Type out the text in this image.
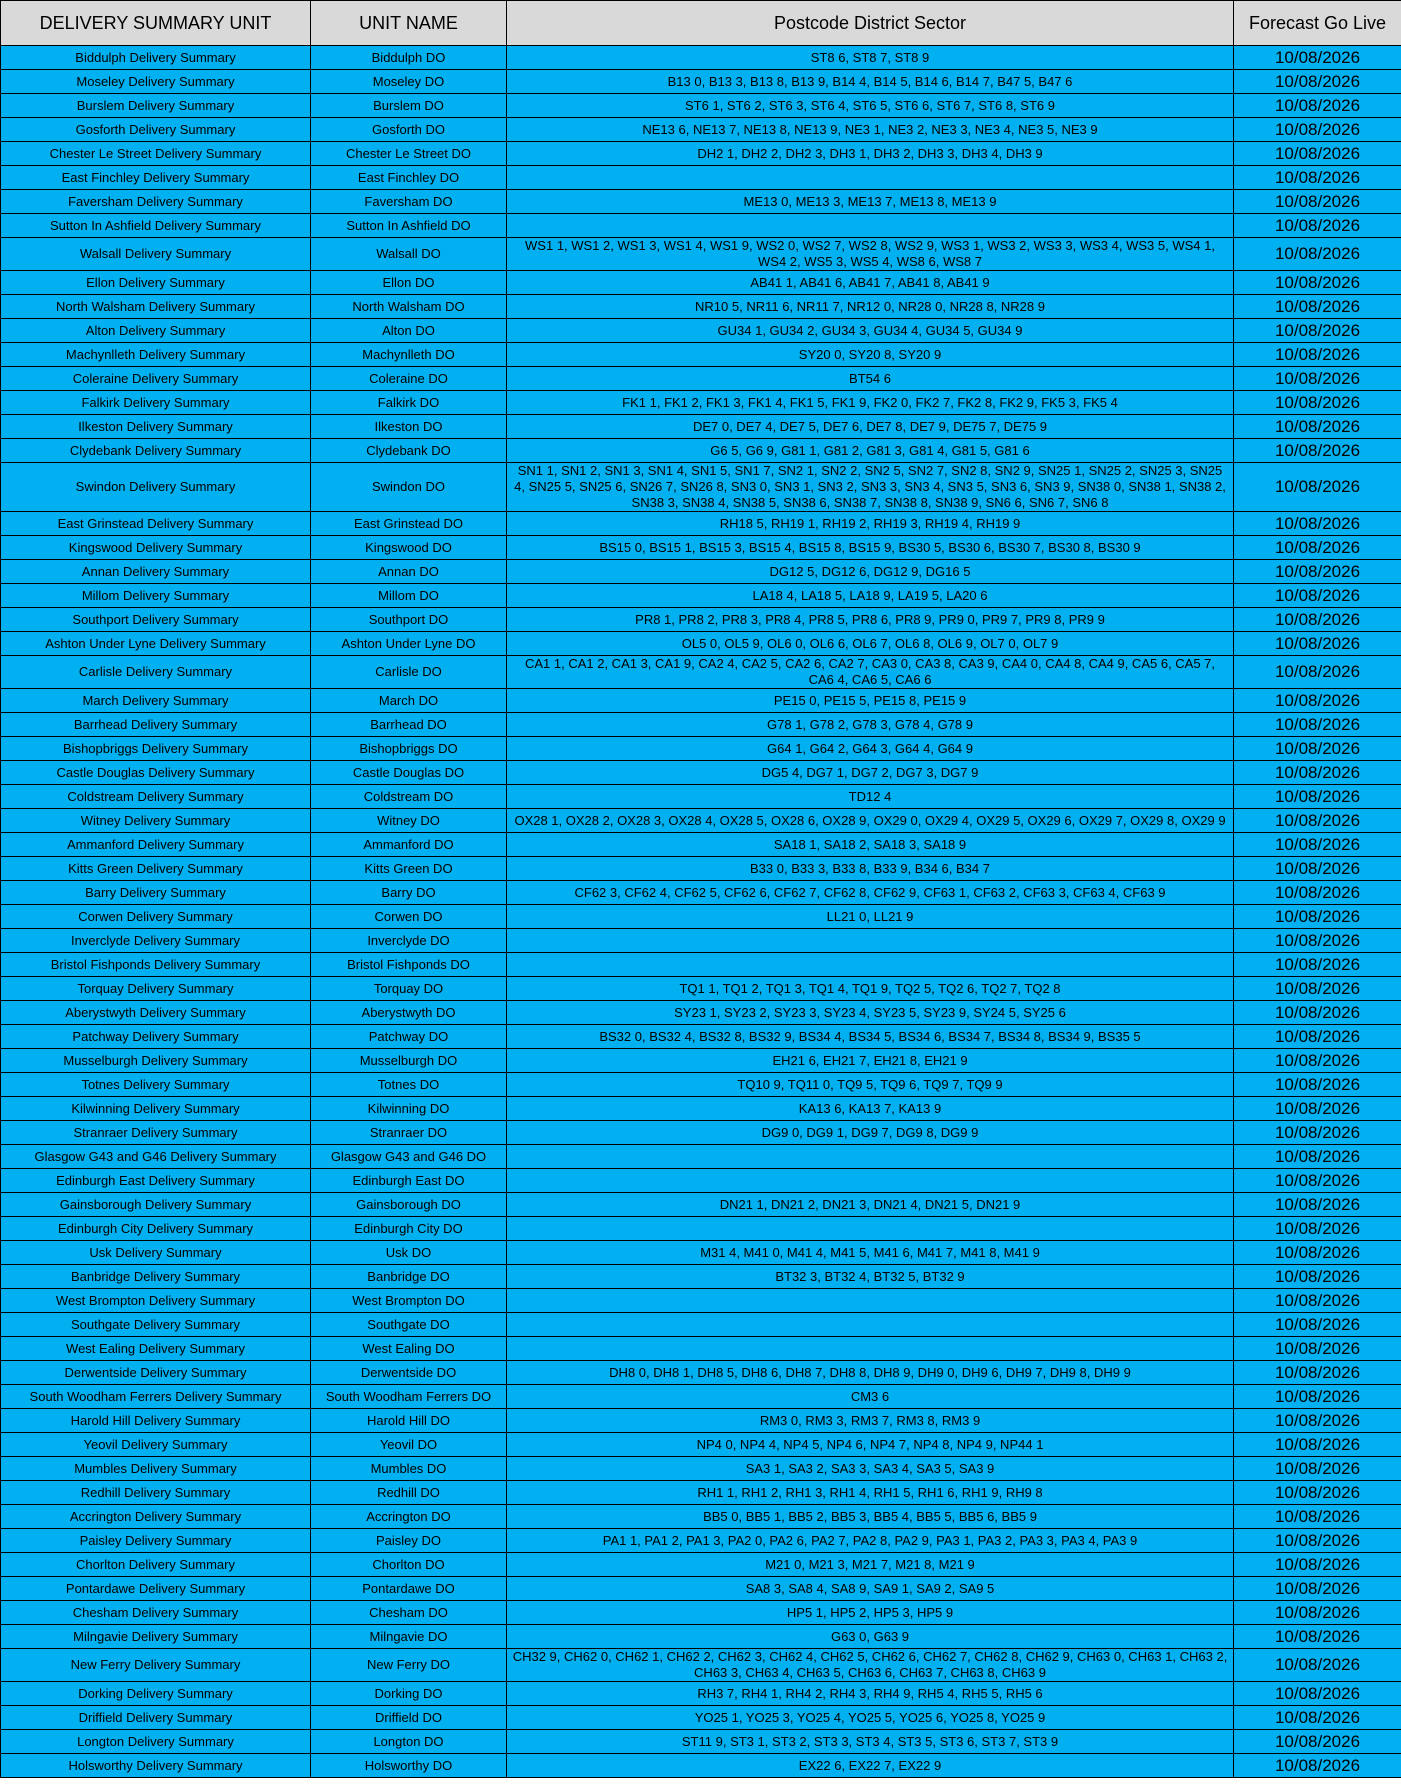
DELIVERY SUMMARY UNIT	UNIT NAME	Postcode District Sector	Forecast Go Live
Biddulph Delivery Summary	Biddulph DO	ST8 6, ST8 7, ST8 9	10/08/2026
Moseley Delivery Summary	Moseley DO	B13 0, B13 3, B13 8, B13 9, B14 4, B14 5, B14 6, B14 7, B47 5, B47 6	10/08/2026
Burslem Delivery Summary	Burslem DO	ST6 1, ST6 2, ST6 3, ST6 4, ST6 5, ST6 6, ST6 7, ST6 8, ST6 9	10/08/2026
Gosforth Delivery Summary	Gosforth DO	NE13 6, NE13 7, NE13 8, NE13 9, NE3 1, NE3 2, NE3 3, NE3 4, NE3 5, NE3 9	10/08/2026
Chester Le Street Delivery Summary	Chester Le Street DO	DH2 1, DH2 2, DH2 3, DH3 1, DH3 2, DH3 3, DH3 4, DH3 9	10/08/2026
East Finchley Delivery Summary	East Finchley DO		10/08/2026
Faversham Delivery Summary	Faversham DO	ME13 0, ME13 3, ME13 7, ME13 8, ME13 9	10/08/2026
Sutton In Ashfield Delivery Summary	Sutton In Ashfield DO		10/08/2026
Walsall Delivery Summary	Walsall DO	WS1 1, WS1 2, WS1 3, WS1 4, WS1 9, WS2 0, WS2 7, WS2 8, WS2 9, WS3 1, WS3 2, WS3 3, WS3 4, WS3 5, WS4 1, WS4 2, WS5 3, WS5 4, WS8 6, WS8 7	10/08/2026
Ellon Delivery Summary	Ellon DO	AB41 1, AB41 6, AB41 7, AB41 8, AB41 9	10/08/2026
North Walsham Delivery Summary	North Walsham DO	NR10 5, NR11 6, NR11 7, NR12 0, NR28 0, NR28 8, NR28 9	10/08/2026
Alton Delivery Summary	Alton DO	GU34 1, GU34 2, GU34 3, GU34 4, GU34 5, GU34 9	10/08/2026
Machynlleth Delivery Summary	Machynlleth DO	SY20 0, SY20 8, SY20 9	10/08/2026
Coleraine Delivery Summary	Coleraine DO	BT54 6	10/08/2026
Falkirk Delivery Summary	Falkirk DO	FK1 1, FK1 2, FK1 3, FK1 4, FK1 5, FK1 9, FK2 0, FK2 7, FK2 8, FK2 9, FK5 3, FK5 4	10/08/2026
Ilkeston Delivery Summary	Ilkeston DO	DE7 0, DE7 4, DE7 5, DE7 6, DE7 8, DE7 9, DE75 7, DE75 9	10/08/2026
Clydebank Delivery Summary	Clydebank DO	G6 5, G6 9, G81 1, G81 2, G81 3, G81 4, G81 5, G81 6	10/08/2026
Swindon Delivery Summary	Swindon DO	SN1 1, SN1 2, SN1 3, SN1 4, SN1 5, SN1 7, SN2 1, SN2 2, SN2 5, SN2 7, SN2 8, SN2 9, SN25 1, SN25 2, SN25 3, SN25 4, SN25 5, SN25 6, SN26 7, SN26 8, SN3 0, SN3 1, SN3 2, SN3 3, SN3 4, SN3 5, SN3 6, SN3 9, SN38 0, SN38 1, SN38 2, SN38 3, SN38 4, SN38 5, SN38 6, SN38 7, SN38 8, SN38 9, SN6 6, SN6 7, SN6 8	10/08/2026
East Grinstead Delivery Summary	East Grinstead DO	RH18 5, RH19 1, RH19 2, RH19 3, RH19 4, RH19 9	10/08/2026
Kingswood Delivery Summary	Kingswood DO	BS15 0, BS15 1, BS15 3, BS15 4, BS15 8, BS15 9, BS30 5, BS30 6, BS30 7, BS30 8, BS30 9	10/08/2026
Annan Delivery Summary	Annan DO	DG12 5, DG12 6, DG12 9, DG16 5	10/08/2026
Millom Delivery Summary	Millom DO	LA18 4, LA18 5, LA18 9, LA19 5, LA20 6	10/08/2026
Southport Delivery Summary	Southport DO	PR8 1, PR8 2, PR8 3, PR8 4, PR8 5, PR8 6, PR8 9, PR9 0, PR9 7, PR9 8, PR9 9	10/08/2026
Ashton Under Lyne Delivery Summary	Ashton Under Lyne DO	OL5 0, OL5 9, OL6 0, OL6 6, OL6 7, OL6 8, OL6 9, OL7 0, OL7 9	10/08/2026
Carlisle Delivery Summary	Carlisle DO	CA1 1, CA1 2, CA1 3, CA1 9, CA2 4, CA2 5, CA2 6, CA2 7, CA3 0, CA3 8, CA3 9, CA4 0, CA4 8, CA4 9, CA5 6, CA5 7, CA6 4, CA6 5, CA6 6	10/08/2026
March Delivery Summary	March DO	PE15 0, PE15 5, PE15 8, PE15 9	10/08/2026
Barrhead Delivery Summary	Barrhead DO	G78 1, G78 2, G78 3, G78 4, G78 9	10/08/2026
Bishopbriggs Delivery Summary	Bishopbriggs DO	G64 1, G64 2, G64 3, G64 4, G64 9	10/08/2026
Castle Douglas Delivery Summary	Castle Douglas DO	DG5 4, DG7 1, DG7 2, DG7 3, DG7 9	10/08/2026
Coldstream Delivery Summary	Coldstream DO	TD12 4	10/08/2026
Witney Delivery Summary	Witney DO	OX28 1, OX28 2, OX28 3, OX28 4, OX28 5, OX28 6, OX28 9, OX29 0, OX29 4, OX29 5, OX29 6, OX29 7, OX29 8, OX29 9	10/08/2026
Ammanford Delivery Summary	Ammanford DO	SA18 1, SA18 2, SA18 3, SA18 9	10/08/2026
Kitts Green Delivery Summary	Kitts Green DO	B33 0, B33 3, B33 8, B33 9, B34 6, B34 7	10/08/2026
Barry Delivery Summary	Barry DO	CF62 3, CF62 4, CF62 5, CF62 6, CF62 7, CF62 8, CF62 9, CF63 1, CF63 2, CF63 3, CF63 4, CF63 9	10/08/2026
Corwen Delivery Summary	Corwen DO	LL21 0, LL21 9	10/08/2026
Inverclyde Delivery Summary	Inverclyde DO		10/08/2026
Bristol Fishponds Delivery Summary	Bristol Fishponds DO		10/08/2026
Torquay Delivery Summary	Torquay DO	TQ1 1, TQ1 2, TQ1 3, TQ1 4, TQ1 9, TQ2 5, TQ2 6, TQ2 7, TQ2 8	10/08/2026
Aberystwyth Delivery Summary	Aberystwyth DO	SY23 1, SY23 2, SY23 3, SY23 4, SY23 5, SY23 9, SY24 5, SY25 6	10/08/2026
Patchway Delivery Summary	Patchway DO	BS32 0, BS32 4, BS32 8, BS32 9, BS34 4, BS34 5, BS34 6, BS34 7, BS34 8, BS34 9, BS35 5	10/08/2026
Musselburgh Delivery Summary	Musselburgh DO	EH21 6, EH21 7, EH21 8, EH21 9	10/08/2026
Totnes Delivery Summary	Totnes DO	TQ10 9, TQ11 0, TQ9 5, TQ9 6, TQ9 7, TQ9 9	10/08/2026
Kilwinning Delivery Summary	Kilwinning DO	KA13 6, KA13 7, KA13 9	10/08/2026
Stranraer Delivery Summary	Stranraer DO	DG9 0, DG9 1, DG9 7, DG9 8, DG9 9	10/08/2026
Glasgow G43 and G46 Delivery Summary	Glasgow G43 and G46 DO		10/08/2026
Edinburgh East Delivery Summary	Edinburgh East DO		10/08/2026
Gainsborough Delivery Summary	Gainsborough DO	DN21 1, DN21 2, DN21 3, DN21 4, DN21 5, DN21 9	10/08/2026
Edinburgh City Delivery Summary	Edinburgh City DO		10/08/2026
Usk Delivery Summary	Usk DO	M31 4, M41 0, M41 4, M41 5, M41 6, M41 7, M41 8, M41 9	10/08/2026
Banbridge Delivery Summary	Banbridge DO	BT32 3, BT32 4, BT32 5, BT32 9	10/08/2026
West Brompton Delivery Summary	West Brompton DO		10/08/2026
Southgate Delivery Summary	Southgate DO		10/08/2026
West Ealing Delivery Summary	West Ealing DO		10/08/2026
Derwentside Delivery Summary	Derwentside DO	DH8 0, DH8 1, DH8 5, DH8 6, DH8 7, DH8 8, DH8 9, DH9 0, DH9 6, DH9 7, DH9 8, DH9 9	10/08/2026
South Woodham Ferrers Delivery Summary	South Woodham Ferrers DO	CM3 6	10/08/2026
Harold Hill Delivery Summary	Harold Hill DO	RM3 0, RM3 3, RM3 7, RM3 8, RM3 9	10/08/2026
Yeovil Delivery Summary	Yeovil DO	NP4 0, NP4 4, NP4 5, NP4 6, NP4 7, NP4 8, NP4 9, NP44 1	10/08/2026
Mumbles Delivery Summary	Mumbles DO	SA3 1, SA3 2, SA3 3, SA3 4, SA3 5, SA3 9	10/08/2026
Redhill Delivery Summary	Redhill DO	RH1 1, RH1 2, RH1 3, RH1 4, RH1 5, RH1 6, RH1 9, RH9 8	10/08/2026
Accrington Delivery Summary	Accrington DO	BB5 0, BB5 1, BB5 2, BB5 3, BB5 4, BB5 5, BB5 6, BB5 9	10/08/2026
Paisley Delivery Summary	Paisley DO	PA1 1, PA1 2, PA1 3, PA2 0, PA2 6, PA2 7, PA2 8, PA2 9, PA3 1, PA3 2, PA3 3, PA3 4, PA3 9	10/08/2026
Chorlton Delivery Summary	Chorlton DO	M21 0, M21 3, M21 7, M21 8, M21 9	10/08/2026
Pontardawe Delivery Summary	Pontardawe DO	SA8 3, SA8 4, SA8 9, SA9 1, SA9 2, SA9 5	10/08/2026
Chesham Delivery Summary	Chesham DO	HP5 1, HP5 2, HP5 3, HP5 9	10/08/2026
Milngavie Delivery Summary	Milngavie DO	G63 0, G63 9	10/08/2026
New Ferry Delivery Summary	New Ferry DO	CH32 9, CH62 0, CH62 1, CH62 2, CH62 3, CH62 4, CH62 5, CH62 6, CH62 7, CH62 8, CH62 9, CH63 0, CH63 1, CH63 2, CH63 3, CH63 4, CH63 5, CH63 6, CH63 7, CH63 8, CH63 9	10/08/2026
Dorking Delivery Summary	Dorking DO	RH3 7, RH4 1, RH4 2, RH4 3, RH4 9, RH5 4, RH5 5, RH5 6	10/08/2026
Driffield Delivery Summary	Driffield DO	YO25 1, YO25 3, YO25 4, YO25 5, YO25 6, YO25 8, YO25 9	10/08/2026
Longton Delivery Summary	Longton DO	ST11 9, ST3 1, ST3 2, ST3 3, ST3 4, ST3 5, ST3 6, ST3 7, ST3 9	10/08/2026
Holsworthy Delivery Summary	Holsworthy DO	EX22 6, EX22 7, EX22 9	10/08/2026
